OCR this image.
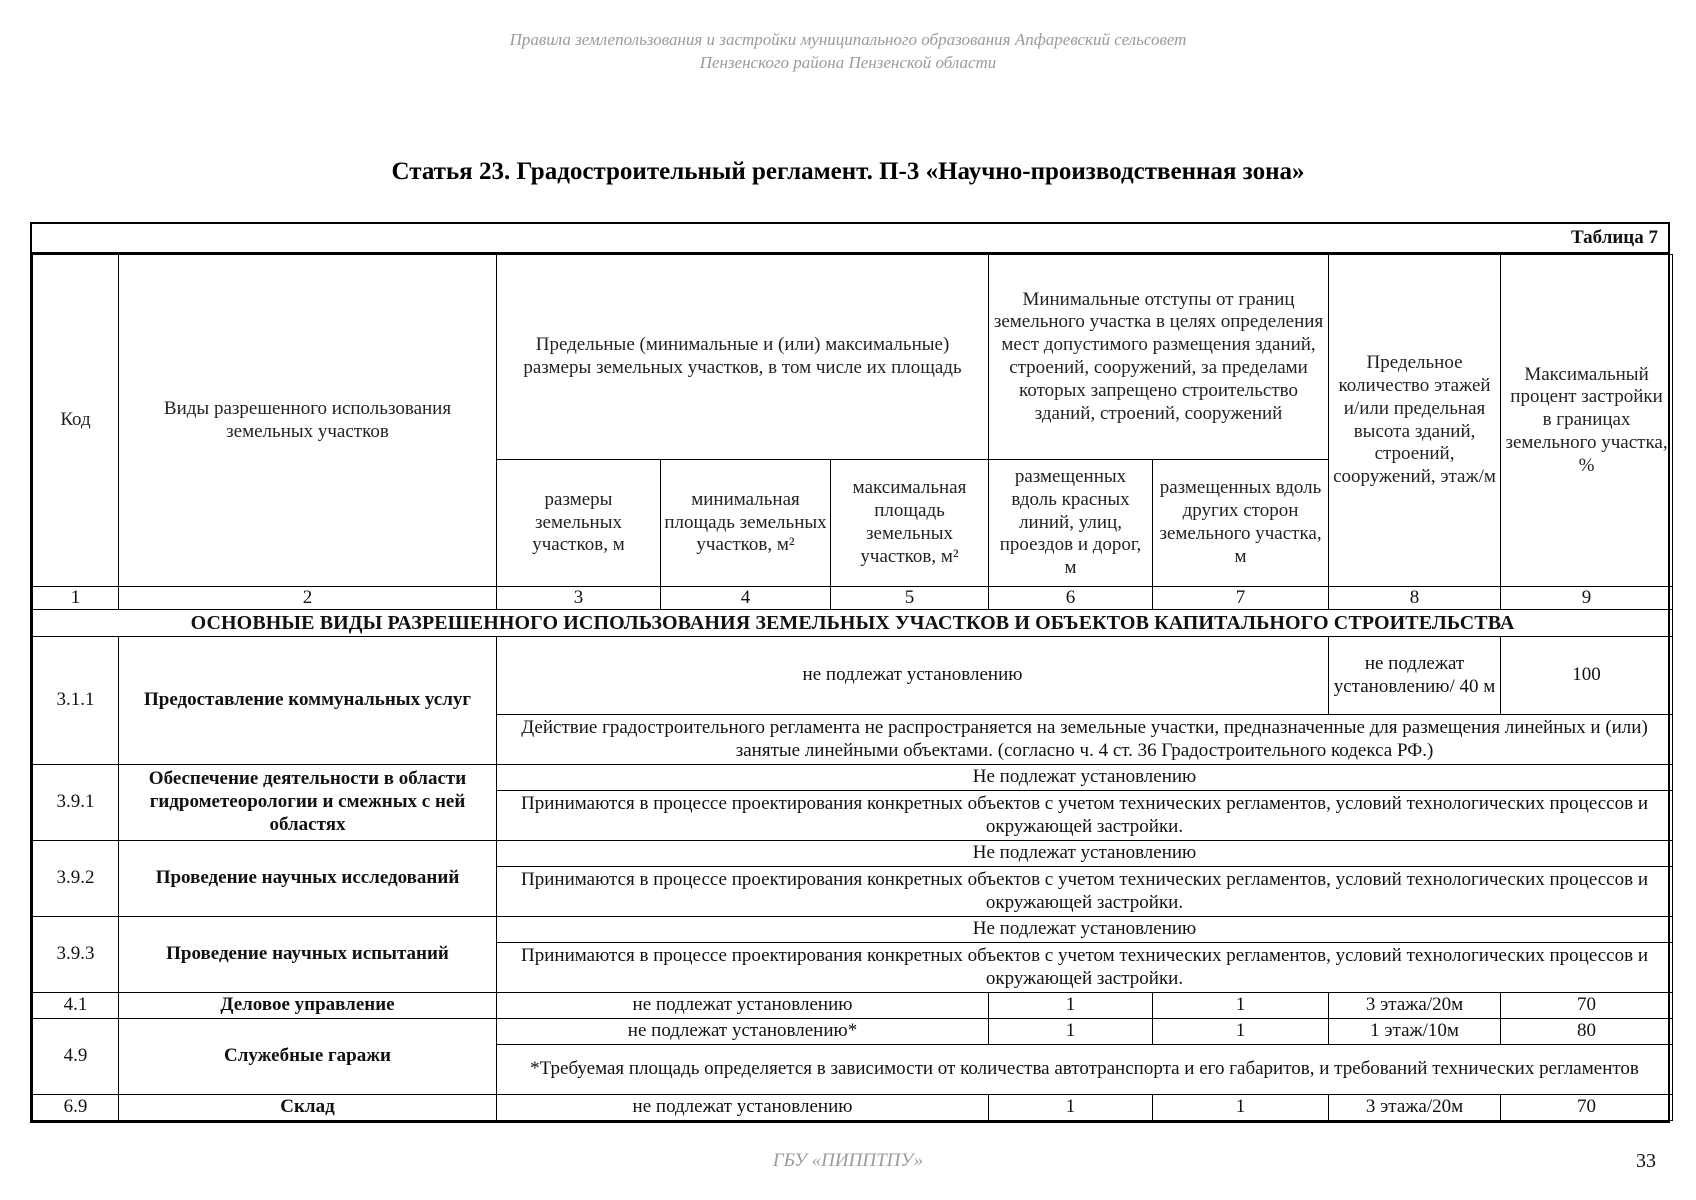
Правила землепользования и застройки муниципального образования Апфаревский сельсовет
Пензенского района Пензенской области
Статья 23. Градостроительный регламент. П-3 «Научно-производственная зона»
Таблица 7
Код	Виды разрешенного использования земельных участков	Предельные (минимальные и (или) максимальные) размеры земельных участков, в том числе их площадь			Минимальные отступы от границ земельного участка в целях определения мест допустимого размещения зданий, строений, сооружений, за пределами которых запрещено строительство зданий, строений, сооружений		Предельное количество этажей и/или предельная высота зданий, строений, сооружений, этаж/м	Максимальный процент застройки в границах земельного участка, %
		размеры земельных участков, м	минимальная площадь земельных участков, м²	максимальная площадь земельных участков, м²	размещенных вдоль красных линий, улиц, проездов и дорог, м	размещенных вдоль других сторон земельного участка, м		
1	2	3	4	5	6	7	8	9
ОСНОВНЫЕ ВИДЫ РАЗРЕШЕННОГО ИСПОЛЬЗОВАНИЯ ЗЕМЕЛЬНЫХ УЧАСТКОВ И ОБЪЕКТОВ КАПИТАЛЬНОГО СТРОИТЕЛЬСТВА								
3.1.1	Предоставление коммунальных услуг	не подлежат установлению					не подлежат установлению/ 40 м	100
		Действие градостроительного регламента не распространяется на земельные участки, предназначенные для размещения линейных и (или) занятые линейными объектами. (согласно ч. 4 ст. 36 Градостроительного кодекса РФ.)						
3.9.1	Обеспечение деятельности в области гидрометеорологии и смежных с ней областях	Не подлежат установлению						
		Принимаются в процессе проектирования конкретных объектов с учетом технических регламентов, условий технологических процессов и окружающей застройки.						
3.9.2	Проведение научных исследований	Не подлежат установлению						
		Принимаются в процессе проектирования конкретных объектов с учетом технических регламентов, условий технологических процессов и окружающей застройки.						
3.9.3	Проведение научных испытаний	Не подлежат установлению						
		Принимаются в процессе проектирования конкретных объектов с учетом технических регламентов, условий технологических процессов и окружающей застройки.						
4.1	Деловое управление	не подлежат установлению			1	1	3 этажа/20м	70
4.9	Служебные гаражи	не подлежат установлению*			1	1	1 этаж/10м	80
		*Требуемая площадь определяется в зависимости от количества автотранспорта и его габаритов, и требований технических регламентов						
6.9	Склад	не подлежат установлению			1	1	3 этажа/20м	70
ГБУ «ПИППТПУ»	33
